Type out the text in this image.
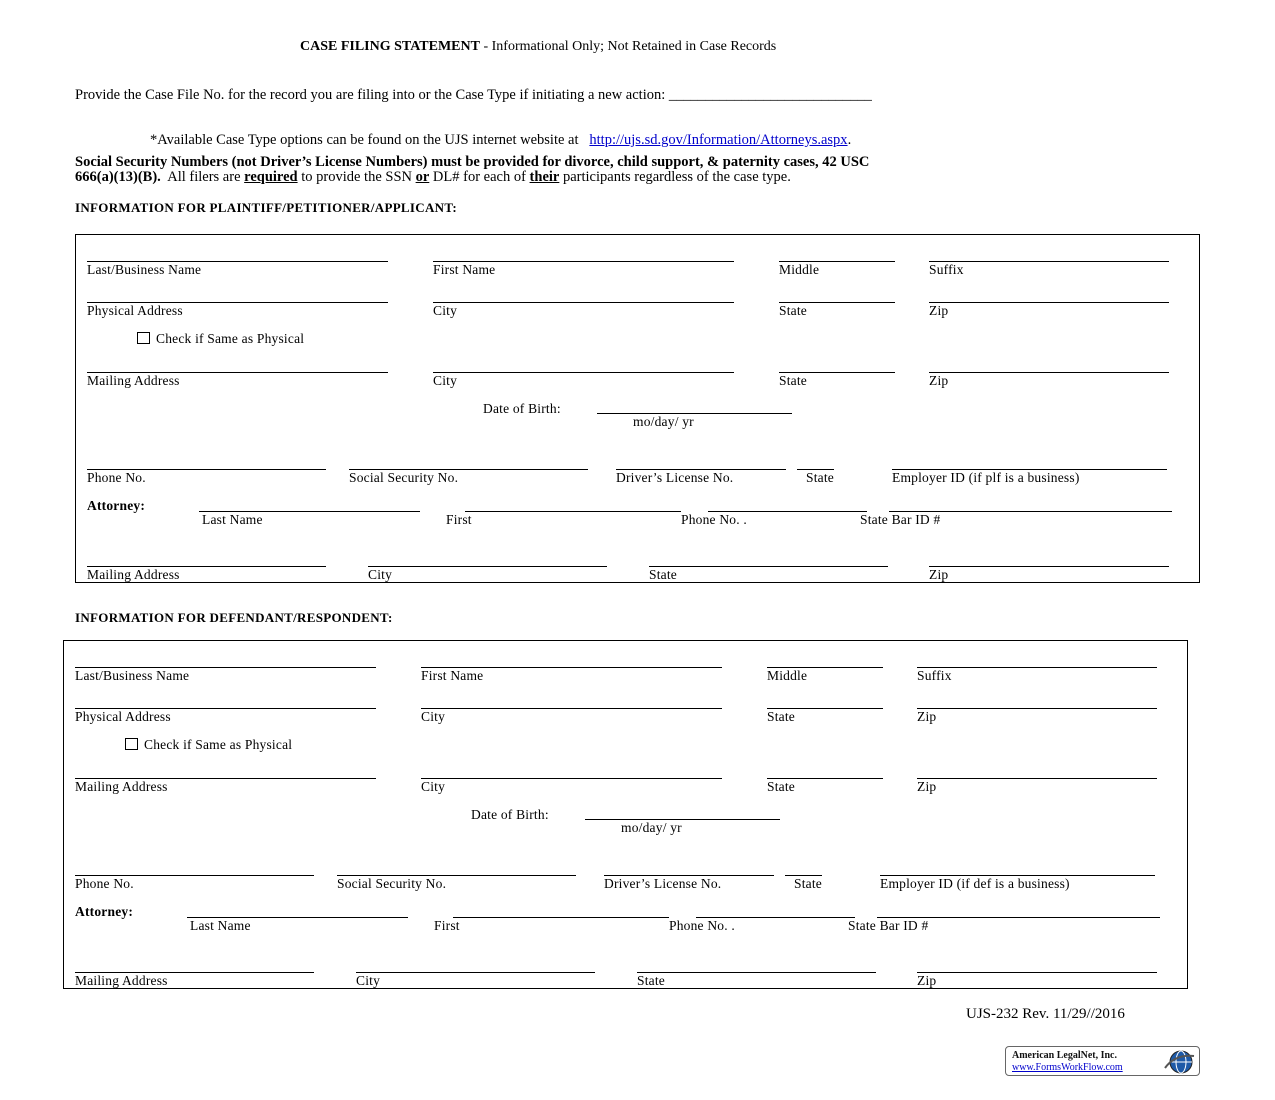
CASE FILING STATEMENT - Informational Only; Not Retained in Case Records
Provide the Case File No. for the record you are filing into or the Case Type if initiating a new action: ____________________________
*Available Case Type options can be found on the UJS internet website at http://ujs.sd.gov/Information/Attorneys.aspx.
Social Security Numbers (not Driver’s License Numbers) must be provided for divorce, child support, & paternity cases, 42 USC
666(a)(13)(B). All filers are required to provide the SSN or DL# for each of their participants regardless of the case type.
INFORMATION FOR PLAINTIFF/PETITIONER/APPLICANT:
Last/Business Name	First Name	Middle	Suffix
Physical Address	City	State	Zip
Check if Same as Physical
Mailing Address	City	State	Zip
Date of Birth:
mo/day/ yr
Phone No.	Social Security No.	Driver’s License No.	State	Employer ID (if plf is a business)
Attorney:
Last Name	First	Phone No. .	State Bar ID #
Mailing Address	City	State	Zip
INFORMATION FOR DEFENDANT/RESPONDENT:
Last/Business Name	First Name	Middle	Suffix
Physical Address	City	State	Zip
Check if Same as Physical
Mailing Address	City	State	Zip
Date of Birth:
mo/day/ yr
Phone No.	Social Security No.	Driver’s License No.	State	Employer ID (if def is a business)
Attorney:
Last Name	First	Phone No. .	State Bar ID #
Mailing Address	City	State	Zip
UJS-232 Rev. 11/29//2016
American LegalNet, Inc.
www.FormsWorkFlow.com
